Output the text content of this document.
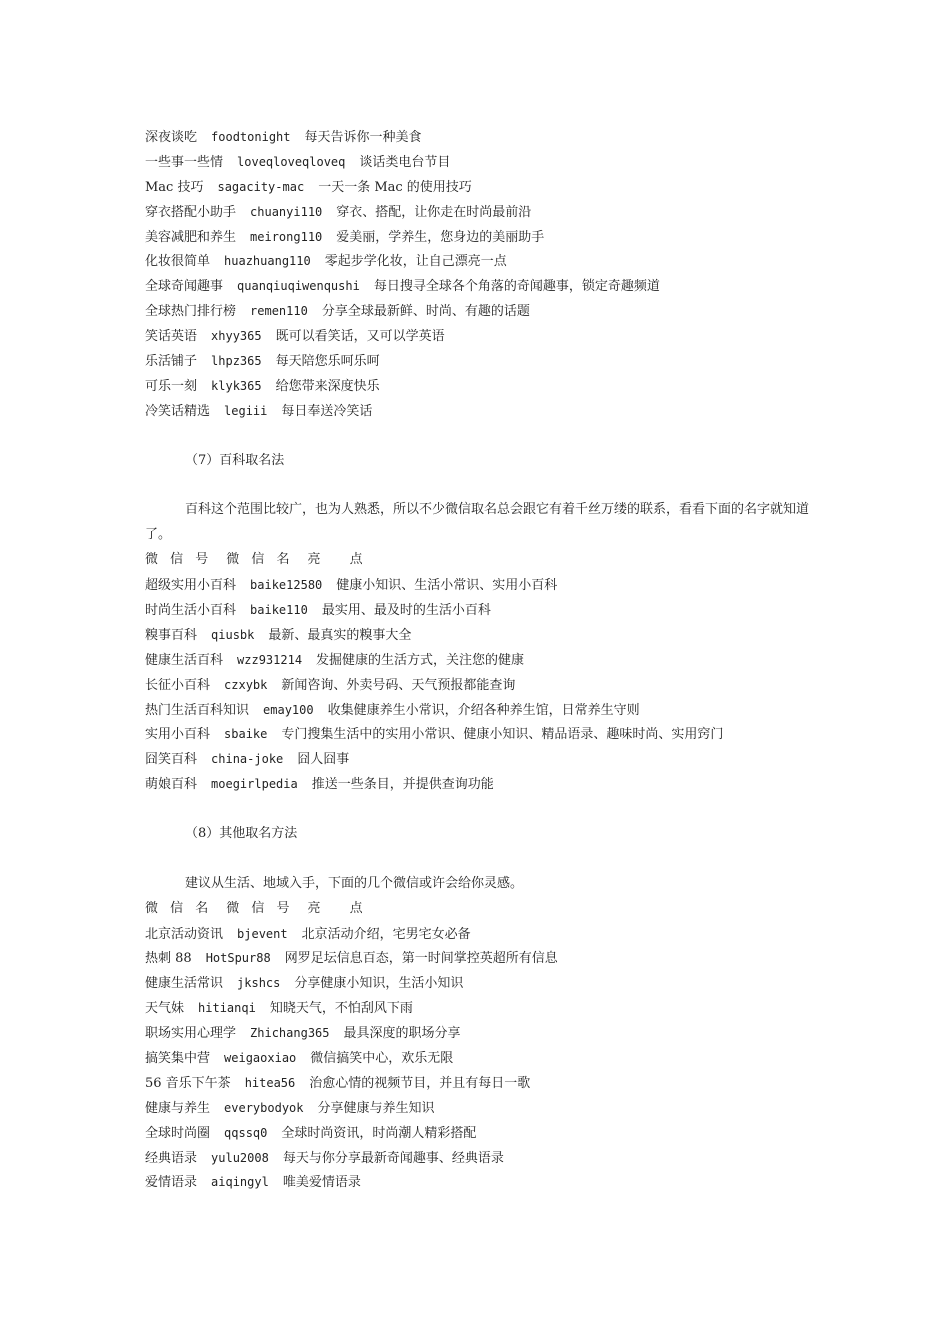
深夜谈吃 foodtonight 每天告诉你一种美食
一些事一些情 loveqloveqloveq 谈话类电台节目
Mac 技巧 sagacity-mac 一天一条 Mac 的使用技巧
穿衣搭配小助手 chuanyi110 穿衣、搭配，让你走在时尚最前沿
美容减肥和养生 meirong110 爱美丽，学养生，您身边的美丽助手
化妆很简单 huazhuang110 零起步学化妆，让自己漂亮一点
全球奇闻趣事 quanqiuqiwenqushi 每日搜寻全球各个角落的奇闻趣事，锁定奇趣频道
全球热门排行榜 remen110 分享全球最新鲜、时尚、有趣的话题
笑话英语 xhyy365 既可以看笑话，又可以学英语
乐活铺子 lhpz365 每天陪您乐呵乐呵
可乐一刻 klyk365 给您带来深度快乐
冷笑话精选 legiii 每日奉送冷笑话
（7）百科取名法
百科这个范围比较广，也为人熟悉，所以不少微信取名总会跟它有着千丝万缕的联系，看看下面的名字就知道了。
微 信 号 微 信 名 亮　 点
超级实用小百科 baike12580 健康小知识、生活小常识、实用小百科
时尚生活小百科 baike110 最实用、最及时的生活小百科
糗事百科 qiusbk 最新、最真实的糗事大全
健康生活百科 wzz931214 发掘健康的生活方式，关注您的健康
长征小百科 czxybk 新闻咨询、外卖号码、天气预报都能查询
热门生活百科知识 emay100 收集健康养生小常识，介绍各种养生馆，日常养生守则
实用小百科 sbaike 专门搜集生活中的实用小常识、健康小知识、精品语录、趣味时尚、实用窍门
囧笑百科 china-joke 囧人囧事
萌娘百科 moegirlpedia 推送一些条目，并提供查询功能
（8）其他取名方法
建议从生活、地域入手，下面的几个微信或许会给你灵感。
微 信 名 微 信 号 亮　 点
北京活动资讯 bjevent 北京活动介绍，宅男宅女必备
热刺 88 HotSpur88 网罗足坛信息百态，第一时间掌控英超所有信息
健康生活常识 jkshcs 分享健康小知识，生活小知识
天气妹 hitianqi 知晓天气，不怕刮风下雨
职场实用心理学 Zhichang365 最具深度的职场分享
搞笑集中营 weigaoxiao 微信搞笑中心，欢乐无限
56 音乐下午茶 hitea56 治愈心情的视频节目，并且有每日一歌
健康与养生 everybodyok 分享健康与养生知识
全球时尚圈 qqssq0 全球时尚资讯，时尚潮人精彩搭配
经典语录 yulu2008 每天与你分享最新奇闻趣事、经典语录
爱情语录 aiqingyl 唯美爱情语录
